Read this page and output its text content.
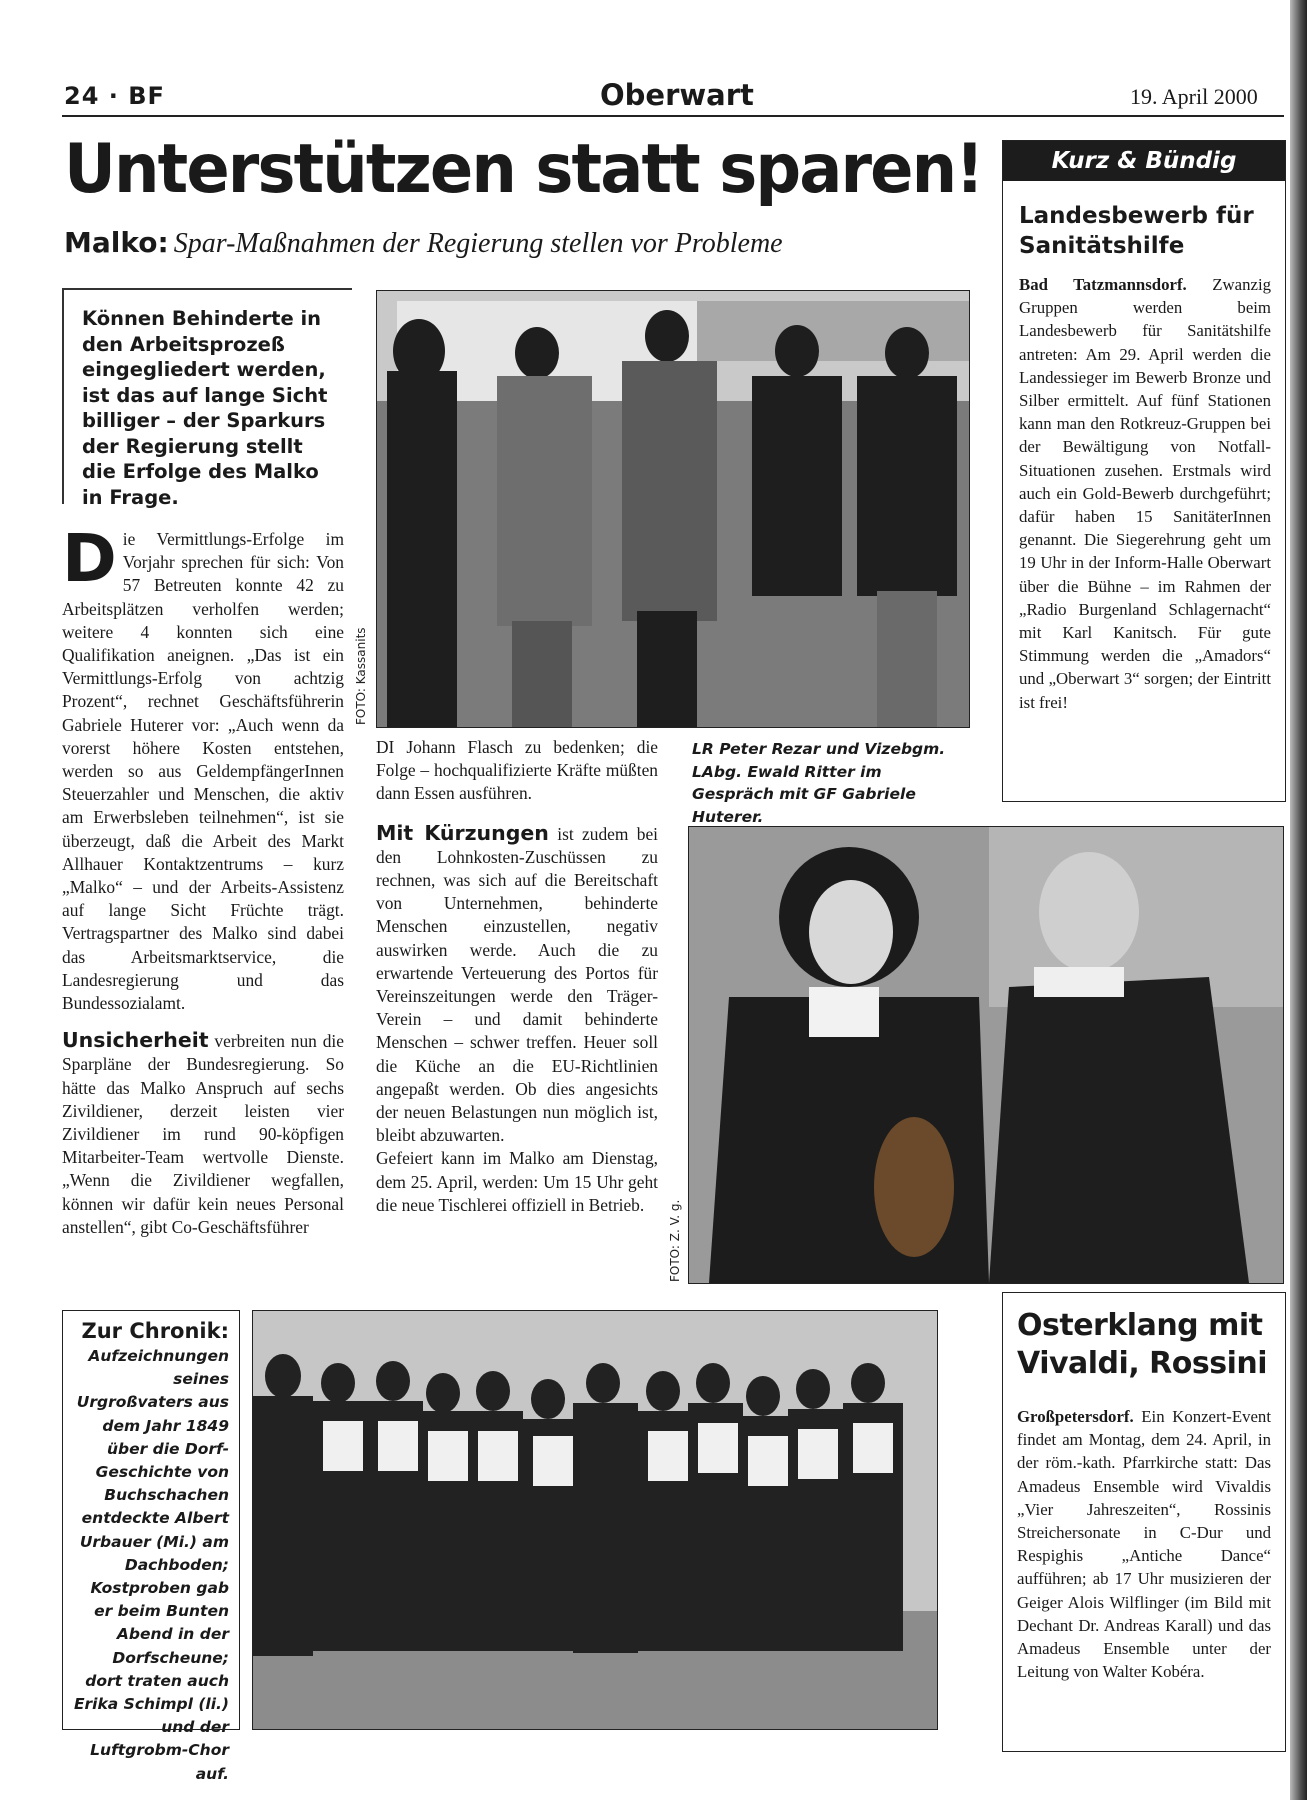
24 · BF	Oberwart	19. April 2000
Unterstützen statt sparen!
Malko: Spar-Maßnahmen der Regierung stellen vor Probleme

Können Behinderte in den Arbeitsprozeß eingegliedert werden, ist das auf lange Sicht billiger – der Sparkurs der Regierung stellt die Erfolge des Malko in Frage.

Die Vermittlungs-Erfolge im Vorjahr sprechen für sich: Von 57 Betreuten konnte 42 zu Arbeitsplätzen verholfen werden; weitere 4 konnten sich eine Qualifikation aneignen. „Das ist ein Vermittlungs-Erfolg von achtzig Prozent“, rechnet Geschäftsführerin Gabriele Huterer vor: „Auch wenn da vorerst höhere Kosten entstehen, werden so aus GeldempfängerInnen Steuerzahler und Menschen, die aktiv am Erwerbsleben teilnehmen“, ist sie überzeugt, daß die Arbeit des Markt Allhauer Kontaktzentrums – kurz „Malko“ – und der Arbeits-Assistenz auf lange Sicht Früchte trägt. Vertragspartner des Malko sind dabei das Arbeitsmarktservice, die Landesregierung und das Bundessozialamt.

Unsicherheit verbreiten nun die Sparpläne der Bundesregierung. So hätte das Malko Anspruch auf sechs Zivildiener, derzeit leisten vier Zivildiener im rund 90-köpfigen Mitarbeiter-Team wertvolle Dienste. „Wenn die Zivildiener wegfallen, können wir dafür kein neues Personal anstellen“, gibt Co-Geschäftsführer

FOTO: Kassanits

DI Johann Flasch zu bedenken; die Folge – hochqualifizierte Kräfte müßten dann Essen ausführen.

Mit Kürzungen ist zudem bei den Lohnkosten-Zuschüssen zu rechnen, was sich auf die Bereitschaft von Unternehmen, behinderte Menschen einzustellen, negativ auswirken werde. Auch die zu erwartende Verteuerung des Portos für Vereinszeitungen werde den Träger-Verein – und damit behinderte Menschen – schwer treffen. Heuer soll die Küche an die EU-Richtlinien angepaßt werden. Ob dies angesichts der neuen Belastungen nun möglich ist, bleibt abzuwarten.

Gefeiert kann im Malko am Dienstag, dem 25. April, werden: Um 15 Uhr geht die neue Tischlerei offiziell in Betrieb.

LR Peter Rezar und Vizebgm. LAbg. Ewald Ritter im Gespräch mit GF Gabriele Huterer.

Kurz & Bündig
Landesbewerb für Sanitätshilfe

Bad Tatzmannsdorf. Zwanzig Gruppen werden beim Landesbewerb für Sanitätshilfe antreten: Am 29. April werden die Landessieger im Bewerb Bronze und Silber ermittelt. Auf fünf Stationen kann man den Rotkreuz-Gruppen bei der Bewältigung von Notfall-Situationen zusehen. Erstmals wird auch ein Gold-Bewerb durchgeführt; dafür haben 15 SanitäterInnen genannt. Die Siegerehrung geht um 19 Uhr in der Inform-Halle Oberwart über die Bühne – im Rahmen der „Radio Burgenland Schlagernacht“ mit Karl Kanitsch. Für gute Stimmung werden die „Amadors“ und „Oberwart 3“ sorgen; der Eintritt ist frei!

FOTO: Z. V. g.
Zur Chronik:

Aufzeichnungen seines Urgroßvaters aus dem Jahr 1849 über die Dorf-Geschichte von Buchschachen entdeckte Albert Urbauer (Mi.) am Dachboden; Kostproben gab er beim Bunten Abend in der Dorfscheune; dort traten auch Erika Schimpl (li.) und der Luftgrobm-Chor auf.

Osterklang mit Vivaldi, Rossini

Großpetersdorf. Ein Konzert-Event findet am Montag, dem 24. April, in der röm.-kath. Pfarrkirche statt: Das Amadeus Ensemble wird Vivaldis „Vier Jahreszeiten“, Rossinis Streichersonate in C-Dur und Respighis „Antiche Dance“ aufführen; ab 17 Uhr musizieren der Geiger Alois Wilflinger (im Bild mit Dechant Dr. Andreas Karall) und das Amadeus Ensemble unter der Leitung von Walter Kobéra.
